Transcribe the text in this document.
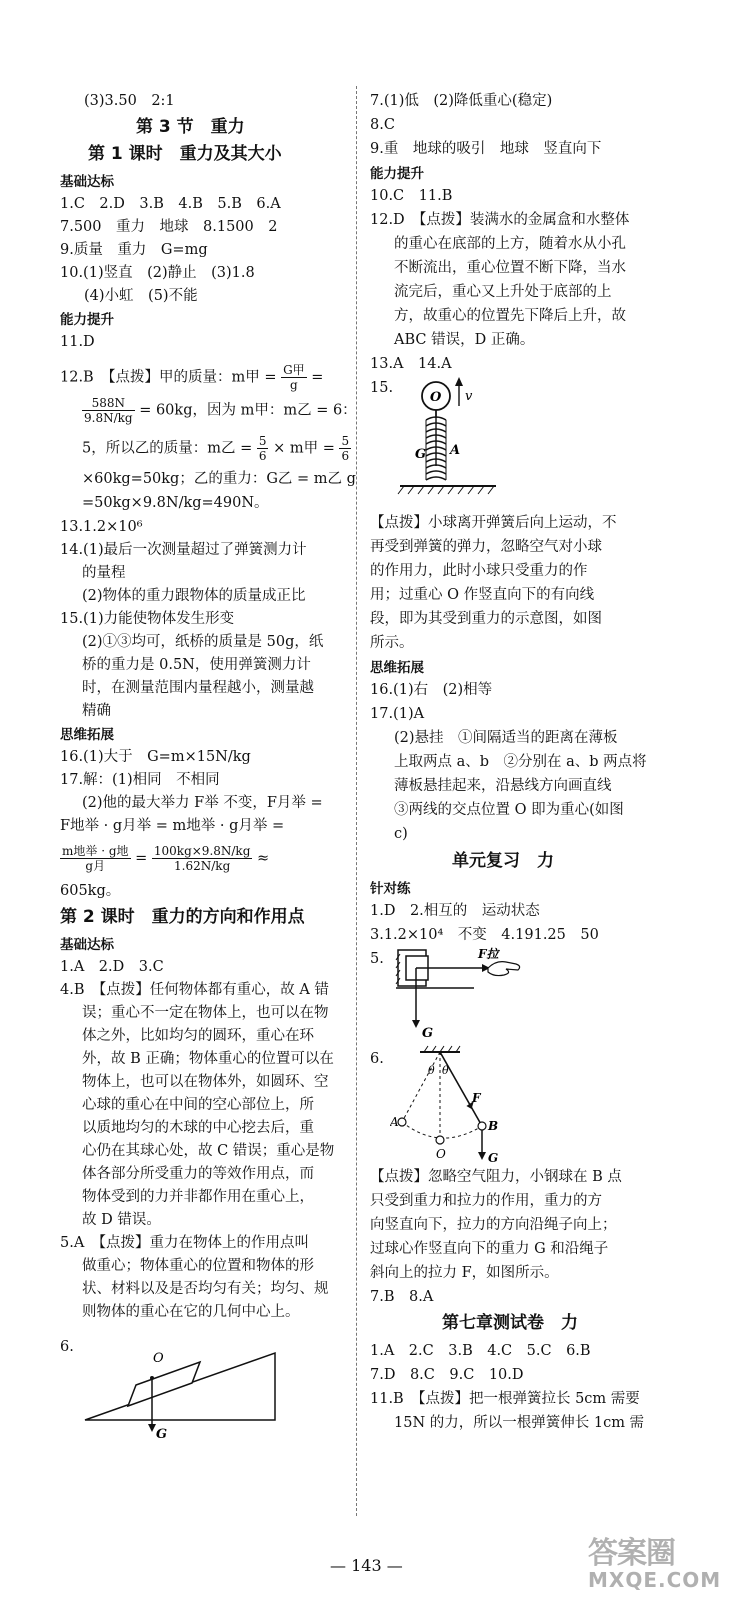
(3)3.50　2:1
第 3 节　重力
第 1 课时　重力及其大小
基础达标
1.C　2.D　3.B　4.B　5.B　6.A
7.500　重力　地球　8.1500　2
9.质量　重力　G=mg
10.(1)竖直　(2)静止　(3)1.8
(4)小虹　(5)不能
能力提升
11.D
12.B　【点拨】甲的质量：m甲 = $\frac{\text{G甲}}{g}$ =
$\frac{588N}{9.8N/kg} = 60kg$，因为 m甲：m乙 = 6：
5，所以乙的质量：m乙 = $\frac{5}{6} \times m$甲 = $\frac{5}{6}$
×60kg=50kg；乙的重力：G乙 = m乙 g
=50kg×9.8N/kg=490N。
13.1.2×10⁶
14.(1)最后一次测量超过了弹簧测力计
的量程
(2)物体的重力跟物体的质量成正比
15.(1)力能使物体发生形变
(2)①③均可，纸桥的质量是 50g，纸
桥的重力是 0.5N，使用弹簧测力计
时，在测量范围内量程越小，测量越
精确
思维拓展
16.(1)大于　G=m×15N/kg
17.解：(1)相同　不相同
(2)他的最大举力 F举 不变，F月举 =
F地举 · g月举 = m地举 · g月举 =
$\frac{\text{m地举 · g地}}{\text{g月}} = \frac{100kg\times 9.8N/kg}{1.62N/kg}$ ≈
605kg。
第 2 课时　重力的方向和作用点
基础达标
1.A　2.D　3.C
4.B　【点拨】任何物体都有重心，故 A 错
误；重心不一定在物体上，也可以在物
体之外，比如均匀的圆环，重心在环
外，故 B 正确；物体重心的位置可以在
物体上，也可以在物体外，如圆环、空
心球的重心在中间的空心部位上，所
以质地均匀的木球的中心挖去后，重
心仍在其球心处，故 C 错误；重心是物
体各部分所受重力的等效作用点，而
物体受到的力并非都作用在重心上，
故 D 错误。
5.A　【点拨】重力在物体上的作用点叫
做重心；物体重心的位置和物体的形
状、材料以及是否均匀有关；均匀、规
则物体的重心在它的几何中心上。
6.
O
G
7.(1)低　(2)降低重心(稳定)
8.C
9.重　地球的吸引　地球　竖直向下
能力提升
10.C　11.B
12.D　【点拨】装满水的金属盒和水整体
的重心在底部的上方，随着水从小孔
不断流出，重心位置不断下降，当水
流完后，重心又上升处于底部的上
方，故重心的位置先下降后上升，故
ABC 错误，D 正确。
13.A　14.A
15.
O v
G A
【点拨】小球离开弹簧后向上运动，不
再受到弹簧的弹力，忽略空气对小球
的作用力，此时小球只受重力的作
用；过重心 O 作竖直向下的有向线
段，即为其受到重力的示意图，如图
所示。
思维拓展
16.(1)右　(2)相等
17.(1)A
(2)悬挂　①间隔适当的距离在薄板
上取两点 a、b　②分别在 a、b 两点将
薄板悬挂起来，沿悬线方向画直线
③两线的交点位置 O 即为重心(如图
c)
单元复习　力
针对练
1.D　2.相互的　运动状态
3.1.2×10⁴　不变　4.191.25　50
5.	F拉
G
6.
θ θ
A
O
B
F
G
【点拨】忽略空气阻力，小钢球在 B 点
只受到重力和拉力的作用，重力的方
向竖直向下，拉力的方向沿绳子向上；
过球心作竖直向下的重力 G 和沿绳子
斜向上的拉力 F，如图所示。
7.B　8.A
第七章测试卷　力
1.A　2.C　3.B　4.C　5.C　6.B
7.D　8.C　9.C　10.D
11.B　【点拨】把一根弹簧拉长 5cm 需要
15N 的力，所以一根弹簧伸长 1cm 需
— 143 —	答案圈
MXQE.COM
